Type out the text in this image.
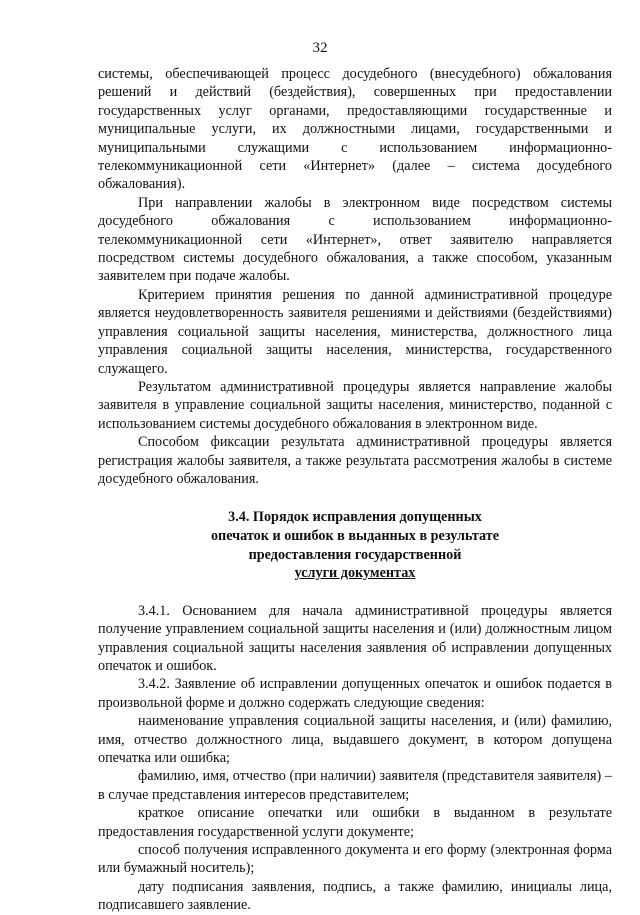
32

системы, обеспечивающей процесс досудебного (внесудебного) обжалования решений и действий (бездействия), совершенных при предоставлении государственных услуг органами, предоставляющими государственные и муниципальные услуги, их должностными лицами, государственными и муниципальными служащими с использованием информационно-телекоммуникационной сети «Интернет» (далее – система досудебного обжалования).

При направлении жалобы в электронном виде посредством системы досудебного обжалования с использованием информационно-телекоммуникационной сети «Интернет», ответ заявителю направляется посредством системы досудебного обжалования, а также способом, указанным заявителем при подаче жалобы.

Критерием принятия решения по данной административной процедуре является неудовлетворенность заявителя решениями и действиями (бездействиями) управления социальной защиты населения, министерства, должностного лица управления социальной защиты населения, министерства, государственного служащего.

Результатом административной процедуры является направление жалобы заявителя в управление социальной защиты населения, министерство, поданной с использованием системы досудебного обжалования в электронном виде.

Способом фиксации результата административной процедуры является регистрация жалобы заявителя, а также результата рассмотрения жалобы в системе досудебного обжалования.

3.4. Порядок исправления допущенных
опечаток и ошибок в выданных в результате
предоставления государственной
услуги документах

3.4.1. Основанием для начала административной процедуры является получение управлением социальной защиты населения и (или) должностным лицом управления социальной защиты населения заявления об исправлении допущенных опечаток и ошибок.

3.4.2. Заявление об исправлении допущенных опечаток и ошибок подается в произвольной форме и должно содержать следующие сведения:

наименование управления социальной защиты населения, и (или) фамилию, имя, отчество должностного лица, выдавшего документ, в котором допущена опечатка или ошибка;

фамилию, имя, отчество (при наличии) заявителя (представителя заявителя) – в случае представления интересов представителем;

краткое описание опечатки или ошибки в выданном в результате предоставления государственной услуги документе;

способ получения исправленного документа и его форму (электронная форма или бумажный носитель);

дату подписания заявления, подпись, а также фамилию, инициалы лица, подписавшего заявление.
